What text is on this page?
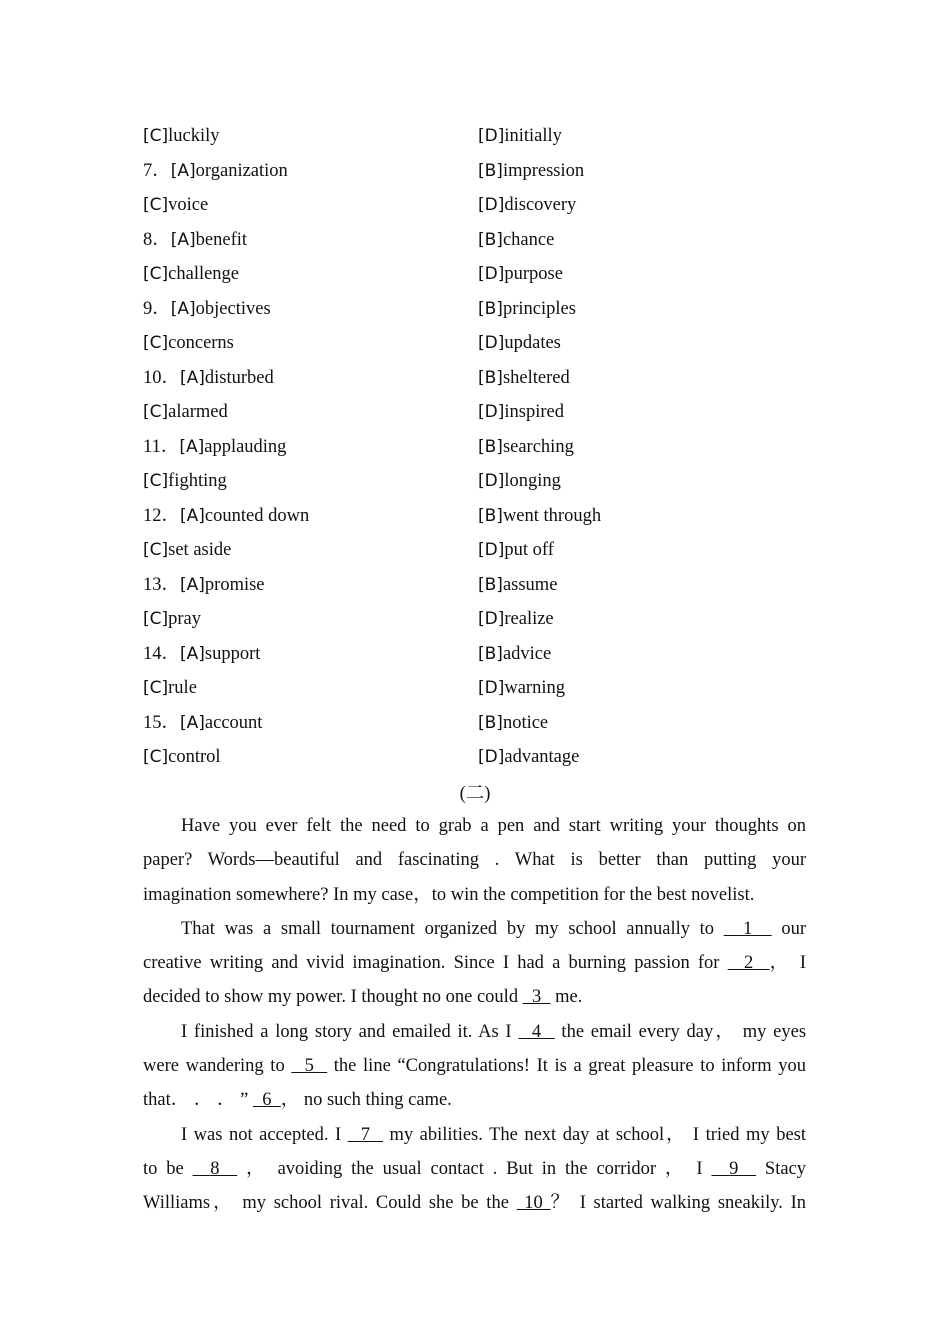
[C]luckily	[D]initially
7．[A]organization	[B]impression
[C]voice	[D]discovery
8．[A]benefit	[B]chance
[C]challenge	[D]purpose
9．[A]objectives	[B]principles
[C]concerns	[D]updates
10．[A]disturbed	[B]sheltered
[C]alarmed	[D]inspired
11．[A]applauding	[B]searching
[C]fighting	[D]longing
12．[A]counted down	[B]went through
[C]set aside	[D]put off
13．[A]promise	[B]assume
[C]pray	[D]realize
14．[A]support	[B]advice
[C]rule	[D]warning
15．[A]account	[B]notice
[C]control	[D]advantage
(二)
Have you ever felt the need to grab a pen and start writing your thoughts on
paper? Words—beautiful and fascinating . What is better than putting your
imagination somewhere? In my case，to win the competition for the best novelist.
That was a small tournament organized by my school annually to   1   our
creative writing and vivid imagination. Since I had a burning passion for   2 ， I
decided to show my power. I thought no one could   3   me.
I finished a long story and emailed it. As I   4   the email every day， my eyes
were wandering to   5   the line “Congratulations! It is a great pleasure to inform you
that． ． ． ”   6 ， no such thing came.
I was not accepted. I   7   my abilities. The next day at school， I tried my best
to be   8   ， avoiding the usual contact . But in the corridor ， I   9   Stacy
Williams， my school rival. Could she be the  10 ？ I started walking sneakily. In
